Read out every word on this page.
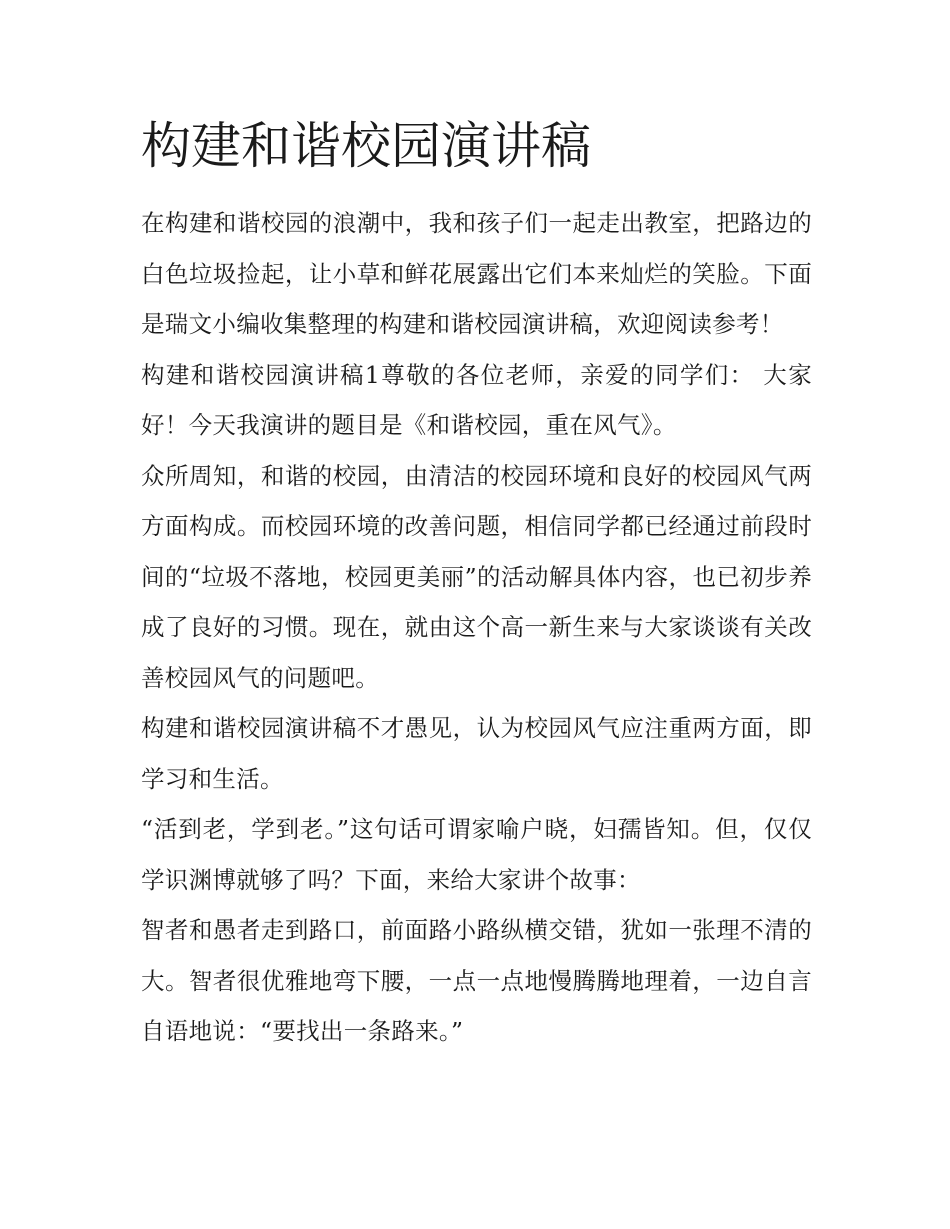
构建和谐校园演讲稿

在构建和谐校园的浪潮中，我和孩子们一起走出教室，把路边的白色垃圾捡起，让小草和鲜花展露出它们本来灿烂的笑脸。下面是瑞文小编收集整理的构建和谐校园演讲稿，欢迎阅读参考！

构建和谐校园演讲稿1尊敬的各位老师，亲爱的同学们： 大家好！今天我演讲的题目是《和谐校园，重在风气》。

众所周知，和谐的校园，由清洁的校园环境和良好的校园风气两方面构成。而校园环境的改善问题，相信同学都已经通过前段时间的“垃圾不落地，校园更美丽”的活动解具体内容，也已初步养成了良好的习惯。现在，就由这个高一新生来与大家谈谈有关改善校园风气的问题吧。

构建和谐校园演讲稿不才愚见，认为校园风气应注重两方面，即学习和生活。

“活到老，学到老。”这句话可谓家喻户晓，妇孺皆知。但，仅仅学识渊博就够了吗？下面，来给大家讲个故事：

智者和愚者走到路口，前面路小路纵横交错，犹如一张理不清的大。智者很优雅地弯下腰，一点一点地慢腾腾地理着，一边自言自语地说：“要找出一条路来。”
